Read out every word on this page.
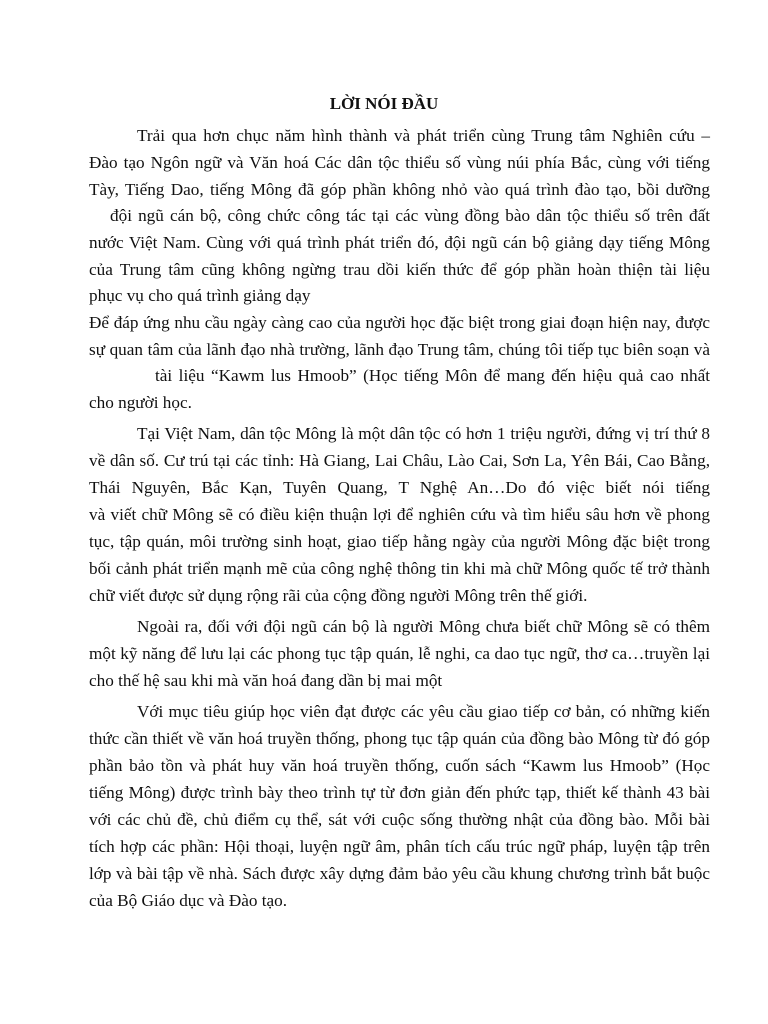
LỜI NÓI ĐẦU
Trải qua hơn chục năm hình thành và phát triển cùng Trung tâm Nghiên cứu –
Đào tạo Ngôn ngữ và Văn hoá Các dân tộc thiểu số vùng núi phía Bắc, cùng với tiếng
Tày, Tiếng Dao, tiếng Mông đã góp phần không nhỏ vào quá trình đào tạo, bồi dưỡng
đội ngũ cán bộ, công chức công tác tại các vùng đồng bào dân tộc thiểu số trên đất
nước Việt Nam. Cùng với quá trình phát triển đó, đội ngũ cán bộ giảng dạy tiếng Mông
của Trung tâm cũng không ngừng trau dồi kiến thức để góp phần hoàn thiện tài liệu
phục vụ cho quá trình giảng dạy
Để đáp ứng nhu cầu ngày càng cao của người học đặc biệt trong giai đoạn hiện nay, được
sự quan tâm của lãnh đạo nhà trường, lãnh đạo Trung tâm, chúng tôi tiếp tục biên soạn và
tài liệu “Kawm lus Hmoob” (Học tiếng Môn để mang đến hiệu quả cao nhất
cho người học.
Tại Việt Nam, dân tộc Mông là một dân tộc có hơn 1 triệu người, đứng vị trí thứ 8
về dân số. Cư trú tại các tỉnh: Hà Giang, Lai Châu, Lào Cai, Sơn La, Yên Bái, Cao Bằng,
Thái Nguyên, Bắc Kạn, Tuyên Quang, T Nghệ An…Do đó việc biết nói tiếng
và viết chữ Mông sẽ có điều kiện thuận lợi để nghiên cứu và tìm hiểu sâu hơn về phong
tục, tập quán, môi trường sinh hoạt, giao tiếp hằng ngày của người Mông đặc biệt trong
bối cảnh phát triển mạnh mẽ của công nghệ thông tin khi mà chữ Mông quốc tế trở thành
chữ viết được sử dụng rộng rãi của cộng đồng người Mông trên thế giới.
Ngoài ra, đối với đội ngũ cán bộ là người Mông chưa biết chữ Mông sẽ có thêm
một kỹ năng để lưu lại các phong tục tập quán, lễ nghi, ca dao tục ngữ, thơ ca…truyền lại
cho thế hệ sau khi mà văn hoá đang dần bị mai một
Với mục tiêu giúp học viên đạt được các yêu cầu giao tiếp cơ bản, có những kiến
thức cần thiết về văn hoá truyền thống, phong tục tập quán của đồng bào Mông từ đó góp
phần bảo tồn và phát huy văn hoá truyền thống, cuốn sách “Kawm lus Hmoob” (Học
tiếng Mông) được trình bày theo trình tự từ đơn giản đến phức tạp, thiết kế thành 43 bài
với các chủ đề, chủ điểm cụ thể, sát với cuộc sống thường nhật của đồng bào. Mỗi bài
tích hợp các phần: Hội thoại, luyện ngữ âm, phân tích cấu trúc ngữ pháp, luyện tập trên
lớp và bài tập về nhà. Sách được xây dựng đảm bảo yêu cầu khung chương trình bắt buộc
của Bộ Giáo dục và Đào tạo.
